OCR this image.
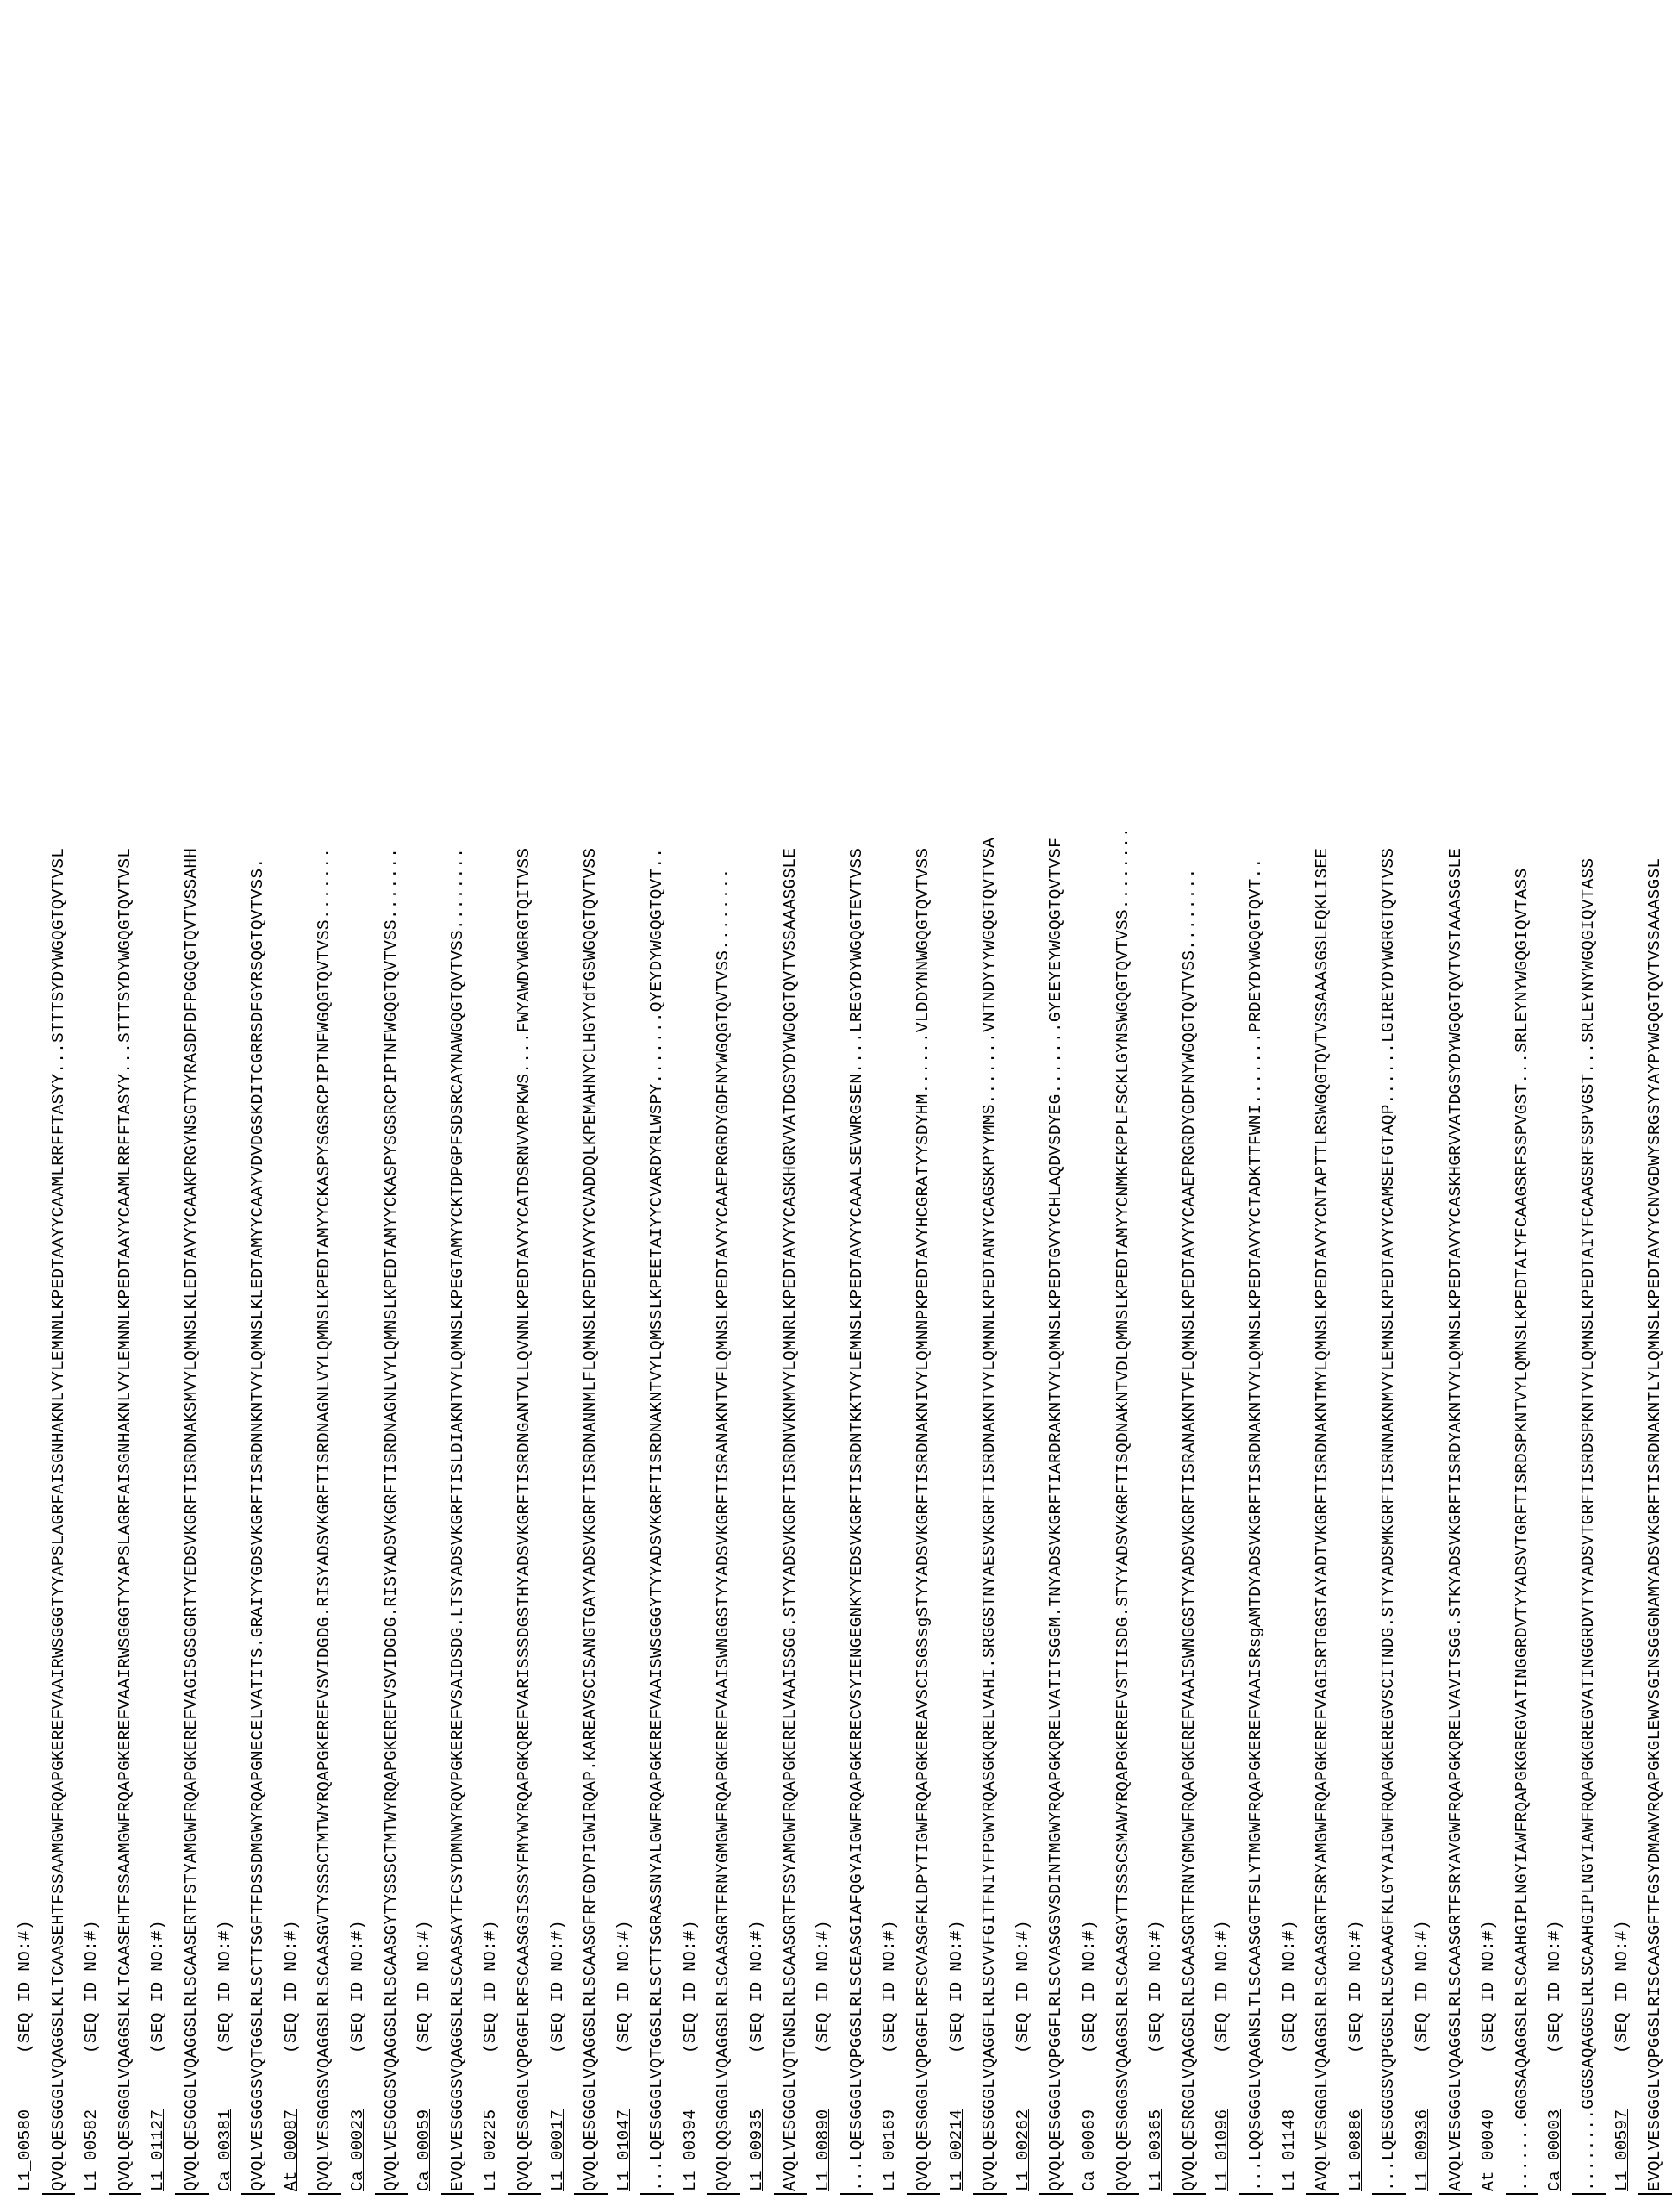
L1_00580(SEQ ID NO:#) QVQLQESGGGLVQAGGSLKLTCAASEHTFSSAAMGWFRQAPGKEREFVAAIRWSGGGTYYAPSLAGRFAISGNHAKNLVYLEMNNLKPEDTAAYYCAAMLRRFFTASYY...STTTSYDYWGQGTQVTVSL L1_00582(SEQ ID NO:#) QVQLQESGGGLVQAGGSLKLTCAASEHTFSSAAMGWFRQAPGKEREFVAAIRWSGGGTYYAPSLAGRFAISGNHAKNLVYLEMNNLKPEDTAAYYCAAMLRRFFTASYY...STTTSYDYWGQGTQVTVSL L1_01127(SEQ ID NO:#) QVQLQESGGGLVQAGGSLRLSCAASERTFSTYAMGWFRQAPGKEREFVAGISGSGGRTYYEDSVKGRFTISRDNAKSMVYLQMNSLKLEDTAVYYCAAKPRGYNSGTYYRASDFDFPGGQGTQVTVSSAHH Ca_00381(SEQ ID NO:#) QVQLVESGGGSVQTGGSLRLSCTTSGFTFDSSDMGWYRQAPGNECELVATITS.GRAIYYGDSVKGRFTISRDNNKNTVYLQMNSLKLEDTAMYYCAAYVDVDGSKDITCGRRSDFGYRSQGTQVTVSS. At_00087(SEQ ID NO:#) QVQLVESGGGSVQAGGSLRLSCAASGVTYSSSCTMTWYRQAPGKEREFVSVIDGDG.RISYADSVKGRFTISRDNAGNLVYLQMNSLKPEDTAMYYCKASPYSGSRCPIPTNFWGQGTQVTVSS....... Ca_00023(SEQ ID NO:#) QVQLVESGGGSVQAGGSLRLSCAASGYTYSSSCTMTWYRQAPGKEREFVSVIDGDG.RISYADSVKGRFTISRDNAGNLVYLQMNSLKPEDTAMYYCKASPYSGSRCPIPTNFWGQGTQVTVSS....... Ca_00059(SEQ ID NO:#) EVQLVESGGGSVQAGGSLRLSCAASAYTFCSYDMNWYRQVPGKEREFVSAIDSDG.LTSYADSVKGRFTISLDIAKNTVYLQMNSLKPEGTAMYYCKTDPGPFSDSRCAYNAWGQGTQVTVSS........ L1_00225(SEQ ID NO:#) QVQLQESGGGLVQPGGFLRFSCAASGSISSSYFMYWYRQAPGKQREFVARISSSDGSTHYADSVKGRFTISRDNGANTVLLQVNNLKPEDTAVYYCATDSRNVVRPKWS....FWYAWDYWGRGTQITVSS L1_00017(SEQ ID NO:#) QVQLQESGGGLVQAGGSLRLSCAASGFRFGDYPIGWIRQAP.KAREAVSCISANGTGAYYADSVKGRFTISRDNANNMLFLQMNSLKPEDTAVYYCVADDQLKPEMAHNYCLHGYYdfGSWGQGTQVTVSS L1_01047(SEQ ID NO:#) ...LQESGGGLVQTGGSLRLSCTTSGRASSNYALGWFRQAPGKEREFVAAISWSGGGYTYYADSVKGRFTISRDNAKNTVYLQMSSLKPEETAIYYCVARDYRLWSPY.......QYEYDYWGQGTQVT.. L1_00394(SEQ ID NO:#) QVQLQQSGGGLVQAGGSLRLSCAASGRTFRNYGMGWFRQAPGKEREFVAAISWNGGSTYYADSVKGRFTISRANAKNTVFLQMNSLKPEDTAVYYCAAEPRGRDYGDFNYWGQGTQVTVSS........ L1_00935(SEQ ID NO:#) AVQLVESGGGLVQTGNSLRLSCAASGRTFSSYAMGWFRQAPGKERELVAAISSGG.STYYADSVKGRFTISRDNVKNMVYLQMNRLKPEDTAVYYCASKHGRVVATDGSYDYWGQGTQVTVSSAAASGSLE L1_00890(SEQ ID NO:#) ...LQESGGGLVQPGGSLRLSCEASGIAFQGYAIGWFRQAPGKERECVSYIENGEGNKYYEDSVKGRFTISRDNTKKTVYLEMNSLKPEDTAVYYCAAALSEVWRGSEN....LREGYDYWGQGTEVTVSS L1_00169(SEQ ID NO:#) QVQLQESGGGLVQPGGFLRFSCVASGFKLDPYTIGWFRQAPGKEREAVSCISGSsgSTYYADSVKGRFTISRDNAKNIVYLQMNNPKPEDTAVYHCGRATYYSDYHM......VLDDYNNWGQGTQVTVSS L1_00214(SEQ ID NO:#) QVQLQESGGGLVQAGGFLRLSCVVFGITFNIYFPGWYRQASGKQRELVAHI.SRGGSTNYAESVKGRFTISRDNAKNTVYLQMNNLKPEDTANYYCAGSKPYYMMS.......VNTNDYYYWGQGTQVTVSA L1_00262(SEQ ID NO:#) QVQLQESGGGLVQPGGFLRLSCVASGSVSDINTMGWYRQAPGKQRELVATITSGGM.TNYADSVKGRFTIARDRAKNTVYLQMNSLKPEDTGVYYCHLAQDVSDYEG.......GYEEYEYWGQGTQVTVSF Ca_00069(SEQ ID NO:#) QVQLQESGGGSVQAGGSLRLSCAASGYTTSSSCSMAWYRQAPGKEREFVSTIISDG.STYYADSVKGRFTISQDNAKNTVDLQMNSLKPEDTAMYYCNMKFKPPLFSCKLGYNSWGQGTQVTVSS........ L1_00365(SEQ ID NO:#) QVQLQESRGGLVQAGGSLRLSCAASGRTFRNYGMGWFRQAPGKEREFVAAISWNGGSTYYADSVKGRFTISRANAKNTVFLQMNSLKPEDTAVYYCAAEPRGRDYGDFNYWGQGTQVTVSS........ L1_01096(SEQ ID NO:#) ...LQQSGGGLVQAGNSLTLSCAASGGTFSLYTMGWFRQAPGKEREFVAAISRsgAMTDYADSVKGRFTISRDNAKNTVYLQMNSLKPEDTAVYYCTADKTTFWNI.......PRDEYDYWGQGTQVT.. L1_01148(SEQ ID NO:#) AVQLVESGGGLVQAGGSLRLSCAASGRTFSRYAMGWFRQAPGKEREFVAGISRTGGSTAYADTVKGRFTISRDNAKNTMYLQMNSLKPEDTAVYYCNTAPTTLRSWGQGTQVTVSSAAASGSLEQKLISEE L1_00886(SEQ ID NO:#) ...LQESGGGSVQPGGSLRLSCAAAGFKLGYYAIGWFRQAPGKEREGVSCITNDG.STYYADSMKGRFTISRNNAKNMVYLEMNSLKPEDTAVYYCAMSEFGTAQP......LGIREYDYWGRGTQVTVSS L1_00936(SEQ ID NO:#) AVQLVESGGGLVQAGGSLRLSCAASGRTFSRYAVGWFRQAPGKQRELVAVITSGG.STKYADSVKGRFTISRDYAKNTVYLQMNSLKPEDTAVYYCASKHGRVVATDGSYDYWGQGTQVTVSTAAASGSLE At_00040(SEQ ID NO:#) .......GGGSAQAGGSLRLSCAAHGIPLNGYIAWFRQAPGKGREGVATINGGRDVTYYADSVTGRFTISRDSPKNTVYLQMNSLKPEDTAIYFCAAGSRFSSPVGST...SRLEYNYWGQGIQVTASS Ca_00003(SEQ ID NO:#) ........GGGSAQAGGSLRLSCAAHGIPLNGYIAWFRQAPGKGREGVATINGGRDVTYYADSVTGRFTISRDSPKNTVYLQMNSLKPEDTAIYFCAAGSRFSSPVGST...SRLEYNYWGQGIQVTASS L1_00597(SEQ ID NO:#) EVQLVESGGGLVQPGGSLRISCAASGFTFGSYDMAWVRQAPGKGLEWVSGINSGGGNAMYADSVKGRFTISRDNAKNTLYLQMNSLKPEDTAVYYCNVGDWYSRGSYYAYPYWGQGTQVTVSSAAASGSL
